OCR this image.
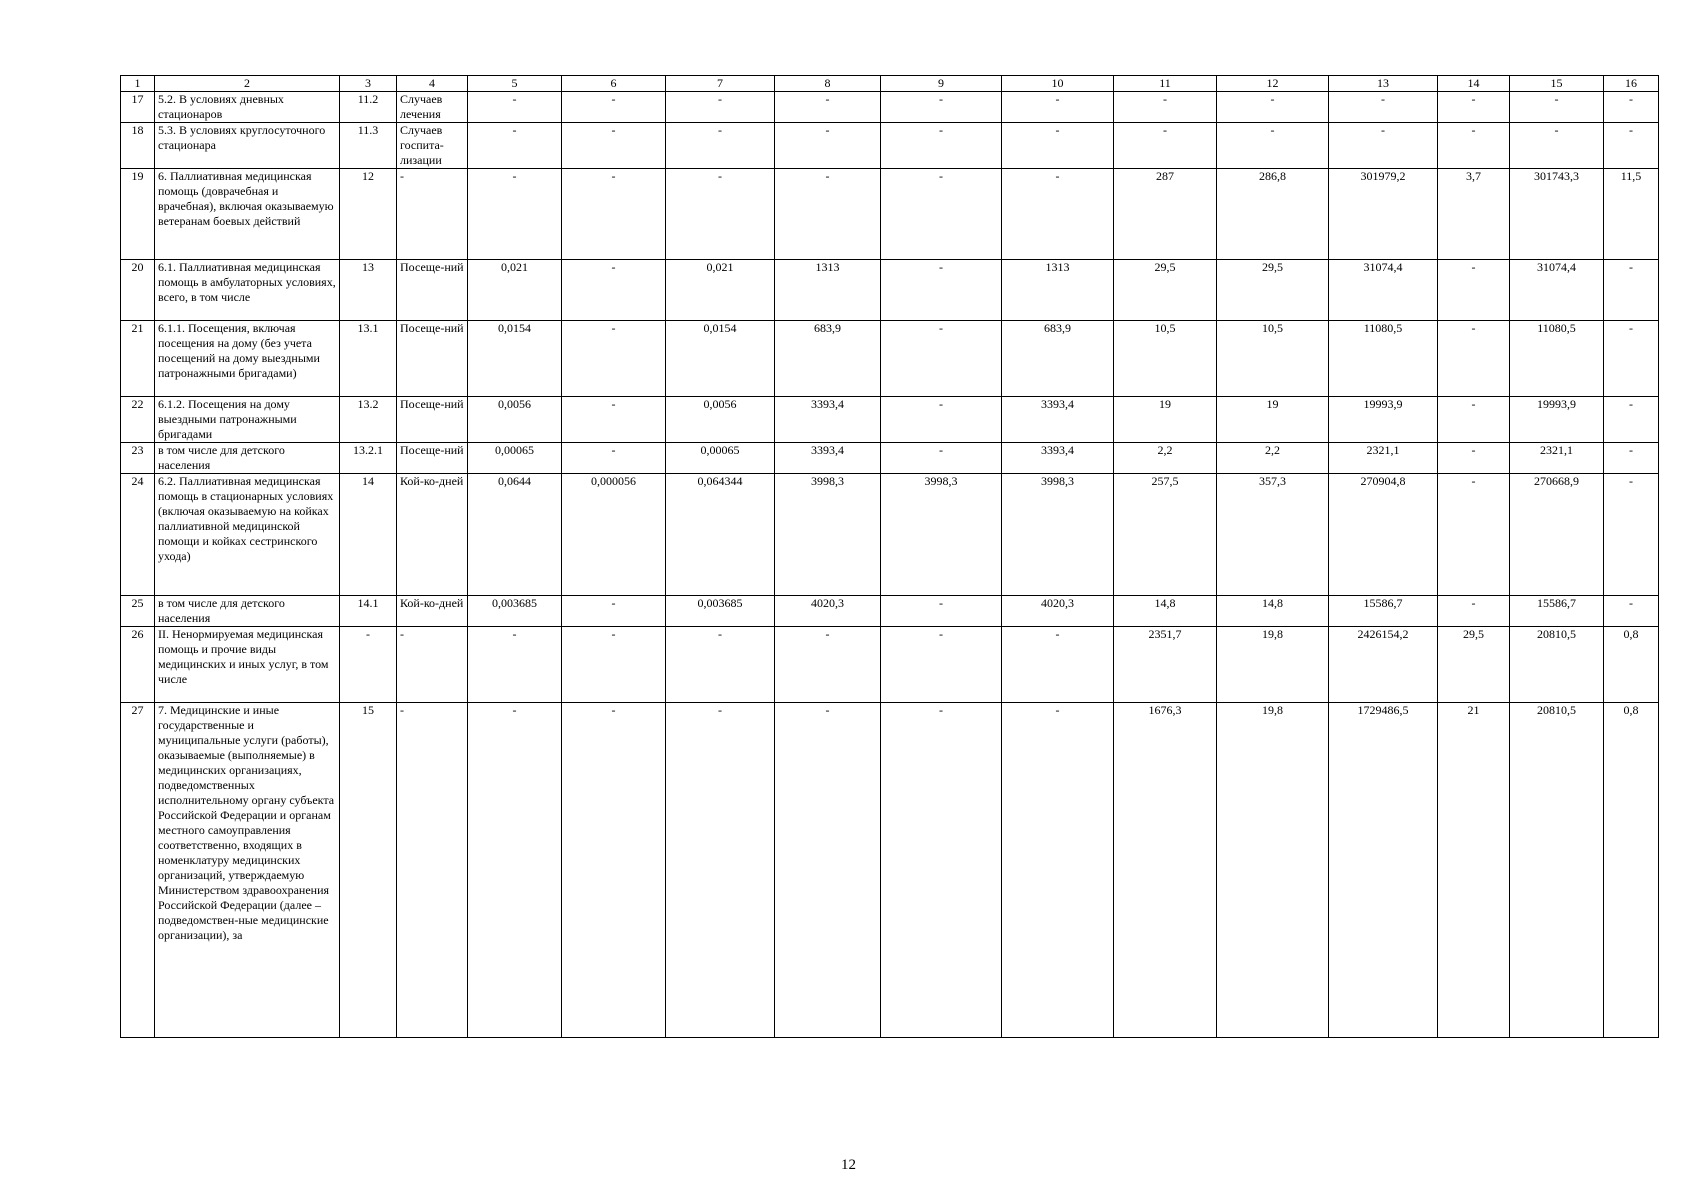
1	2	3	4	5	6	7	8	9	10	11	12	13	14	15	16
17	5.2. В условиях дневных стационаров	11.2	Случаев лечения	-	-	-	-	-	-	-	-	-	-	-	-
18	5.3. В условиях круглосуточного стационара	11.3	Случаев госпита-лизации	-	-	-	-	-	-	-	-	-	-	-	-
19	6. Паллиативная медицинская помощь (доврачебная и врачебная), включая оказываемую ветеранам боевых действий	12	-	-	-	-	-	-	-	287	286,8	301979,2	3,7	301743,3	11,5
20	6.1. Паллиативная медицинская помощь в амбулаторных условиях, всего, в том числе	13	Посеще-ний	0,021	-	0,021	1313	-	1313	29,5	29,5	31074,4	-	31074,4	-
21	6.1.1. Посещения, включая посещения на дому (без учета посещений на дому выездными патронажными бригадами)	13.1	Посеще-ний	0,0154	-	0,0154	683,9	-	683,9	10,5	10,5	11080,5	-	11080,5	-
22	6.1.2. Посещения на дому выездными патронажными бригадами	13.2	Посеще-ний	0,0056	-	0,0056	3393,4	-	3393,4	19	19	19993,9	-	19993,9	-
23	в том числе для детского населения	13.2.1	Посеще-ний	0,00065	-	0,00065	3393,4	-	3393,4	2,2	2,2	2321,1	-	2321,1	-
24	6.2. Паллиативная медицинская помощь в стационарных условиях (включая оказываемую на койках паллиативной медицинской помощи и койках сестринского ухода)	14	Кой-ко-дней	0,0644	0,000056	0,064344	3998,3	3998,3	3998,3	257,5	357,3	270904,8	-	270668,9	-
25	в том числе для детского населения	14.1	Кой-ко-дней	0,003685	-	0,003685	4020,3	-	4020,3	14,8	14,8	15586,7	-	15586,7	-
26	II. Ненормируемая медицинская помощь и прочие виды медицинских и иных услуг, в том числе	-	-	-	-	-	-	-	-	2351,7	19,8	2426154,2	29,5	20810,5	0,8
27	7. Медицинские и иные государственные и муниципальные услуги (работы), оказываемые (выполняемые) в медицинских организациях, подведомственных исполнительному органу субъекта Российской Федерации и органам местного самоуправления соответственно, входящих в номенклатуру медицинских организаций, утверждаемую Министерством здравоохранения Российской Федерации (далее – подведомствен-ные медицинские организации), за	15	-	-	-	-	-	-	-	1676,3	19,8	1729486,5	21	20810,5	0,8
12
